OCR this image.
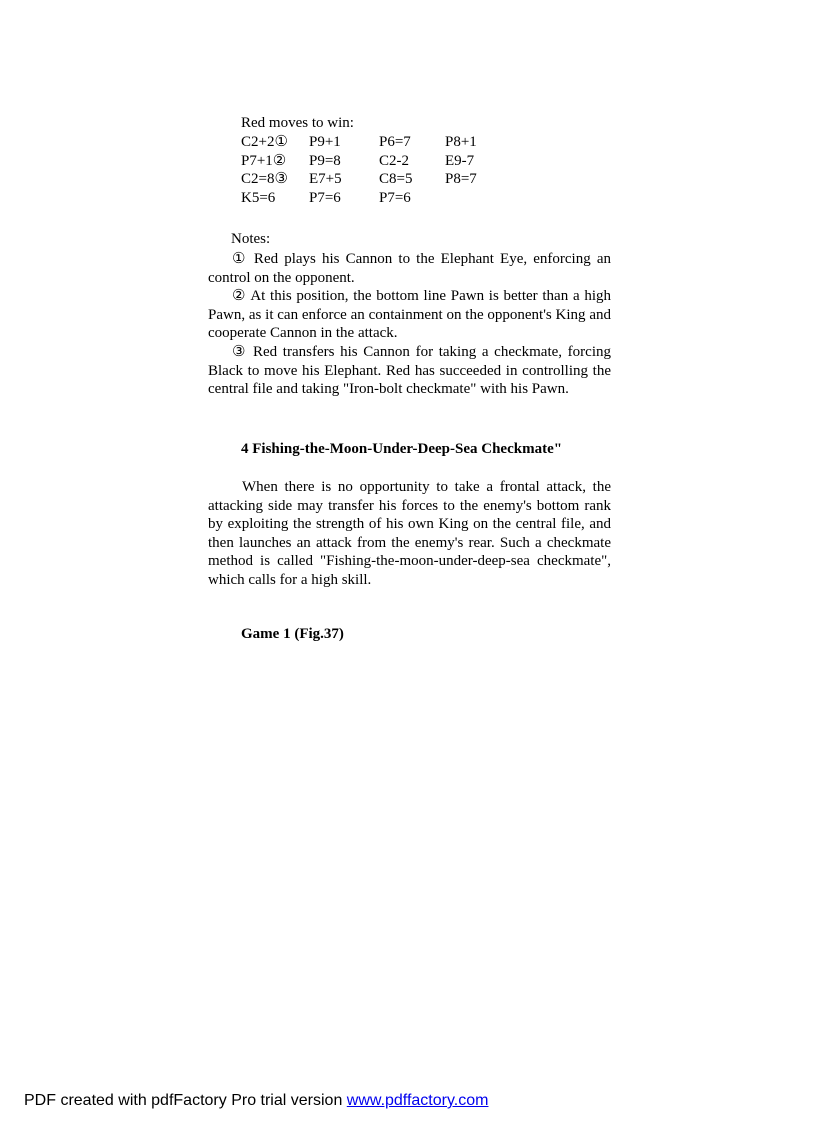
Red moves to win:
C2+2①	P9+1	P6=7	P8+1
P7+1②	P9=8	C2-2	E9-7
C2=8③	E7+5	C8=5	P8=7
K5=6	P7=6	P7=6
Notes:

① Red plays his Cannon to the Elephant Eye, enforcing an control on the opponent.

② At this position, the bottom line Pawn is better than a high Pawn, as it can enforce an containment on the opponent's King and cooperate Cannon in the attack.

③ Red transfers his Cannon for taking a checkmate, forcing Black to move his Elephant. Red has succeeded in controlling the central file and taking "Iron-bolt checkmate" with his Pawn.

4 Fishing-the-Moon-Under-Deep-Sea Checkmate"

When there is no opportunity to take a frontal attack, the attacking side may transfer his forces to the enemy's bottom rank by exploiting the strength of his own King on the central file, and then launches an attack from the enemy's rear. Such a checkmate method is called "Fishing-the-moon-under-deep-sea checkmate", which calls for a high skill.

Game 1 (Fig.37)
PDF created with pdfFactory Pro trial version www.pdffactory.com
